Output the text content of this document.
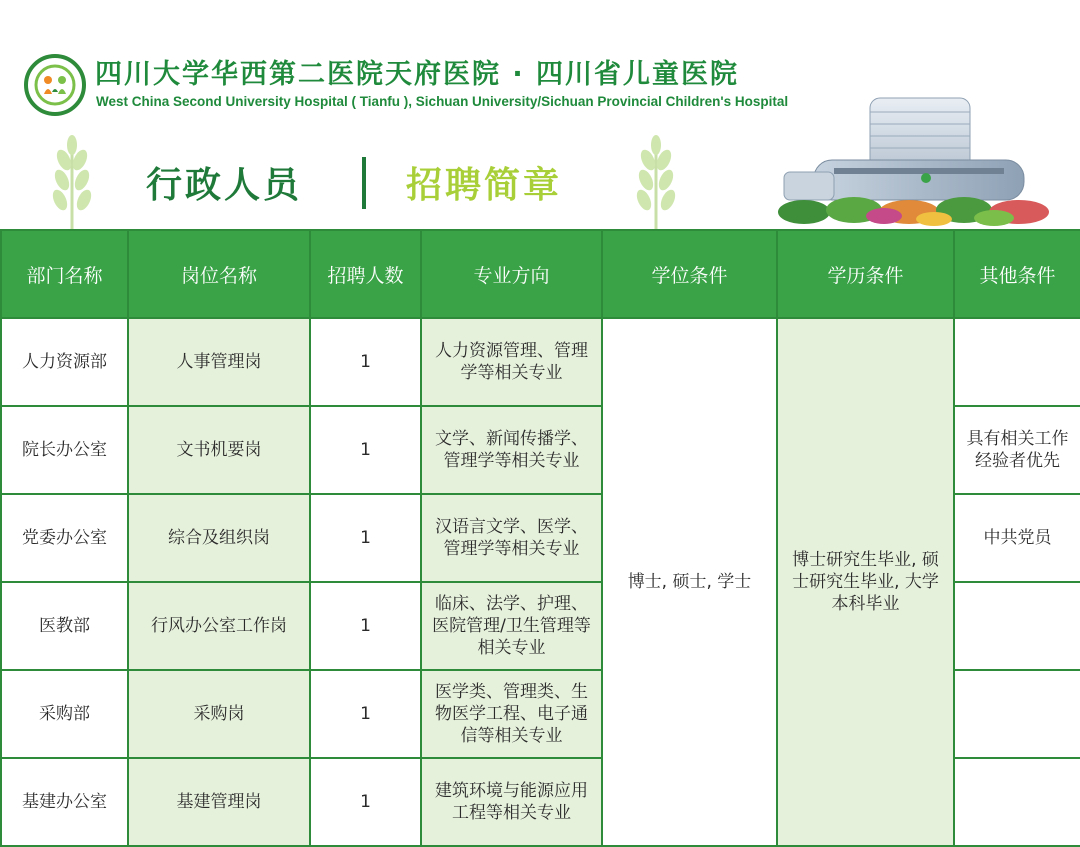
四川大学华西第二医院天府医院 · 四川省儿童医院
West China Second University Hospital ( Tianfu ), Sichuan University/Sichuan Provincial Children's Hospital
行政人员	招聘简章
部门名称	岗位名称	招聘人数	专业方向	学位条件	学历条件	其他条件
人力资源部	人事管理岗	1	人力资源管理、管理学等相关专业	博士, 硕士, 学士	博士研究生毕业, 硕士研究生毕业, 大学本科毕业	
院长办公室	文书机要岗	1	文学、新闻传播学、管理学等相关专业			具有相关工作经验者优先
党委办公室	综合及组织岗	1	汉语言文学、医学、管理学等相关专业			中共党员
医教部	行风办公室工作岗	1	临床、法学、护理、医院管理/卫生管理等相关专业			
采购部	采购岗	1	医学类、管理类、生物医学工程、电子通信等相关专业			
基建办公室	基建管理岗	1	建筑环境与能源应用工程等相关专业			
